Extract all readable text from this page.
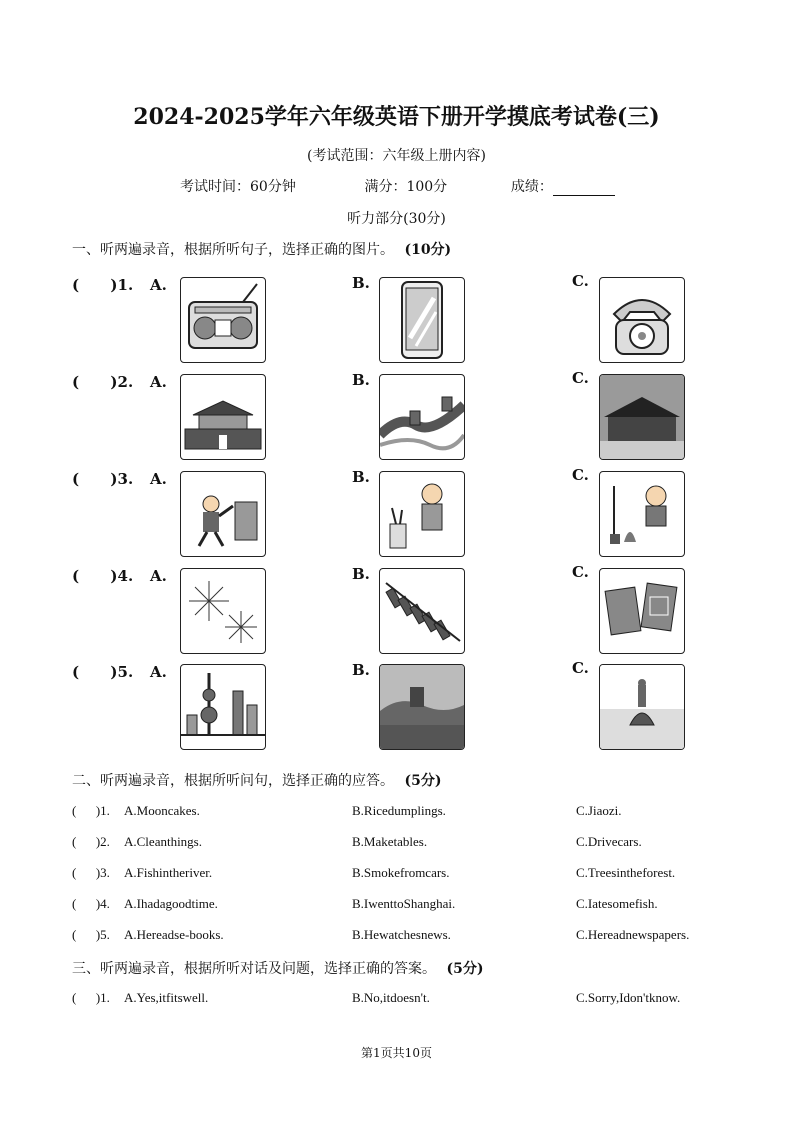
2024-2025学年六年级英语下册开学摸底考试卷(三)
(考试范围：六年级上册内容)
考试时间：60分钟	满分：100分	成绩：
听力部分(30分)
一、听两遍录音，根据所听句子，选择正确的图片。 (10分)
(      )1. A.	B.	C.
(      )2. A.	B.	C.
(      )3. A.	B.	C.
(      )4. A.	B.	C.
(      )5. A.	B.	C.
二、听两遍录音，根据所听问句，选择正确的应答。 (5分)
(      )1. A.Mooncakes.	B.Ricedumplings.	C.Jiaozi.
(      )2. A.Cleanthings.	B.Maketables.	C.Drivecars.
(      )3. A.Fishintheriver.	B.Smokefromcars.	C.Treesintheforest.
(      )4. A.Ihadagoodtime.	B.IwenttoShanghai.	C.Iatesomefish.
(      )5. A.Hereadse-books.	B.Hewatchesnews.	C.Hereadnewspapers.
三、听两遍录音，根据所听对话及问题，选择正确的答案。 (5分)
(      )1. A.Yes,itfitswell.	B.No,itdoesn't.	C.Sorry,Idon'tknow.
第1页共10页
